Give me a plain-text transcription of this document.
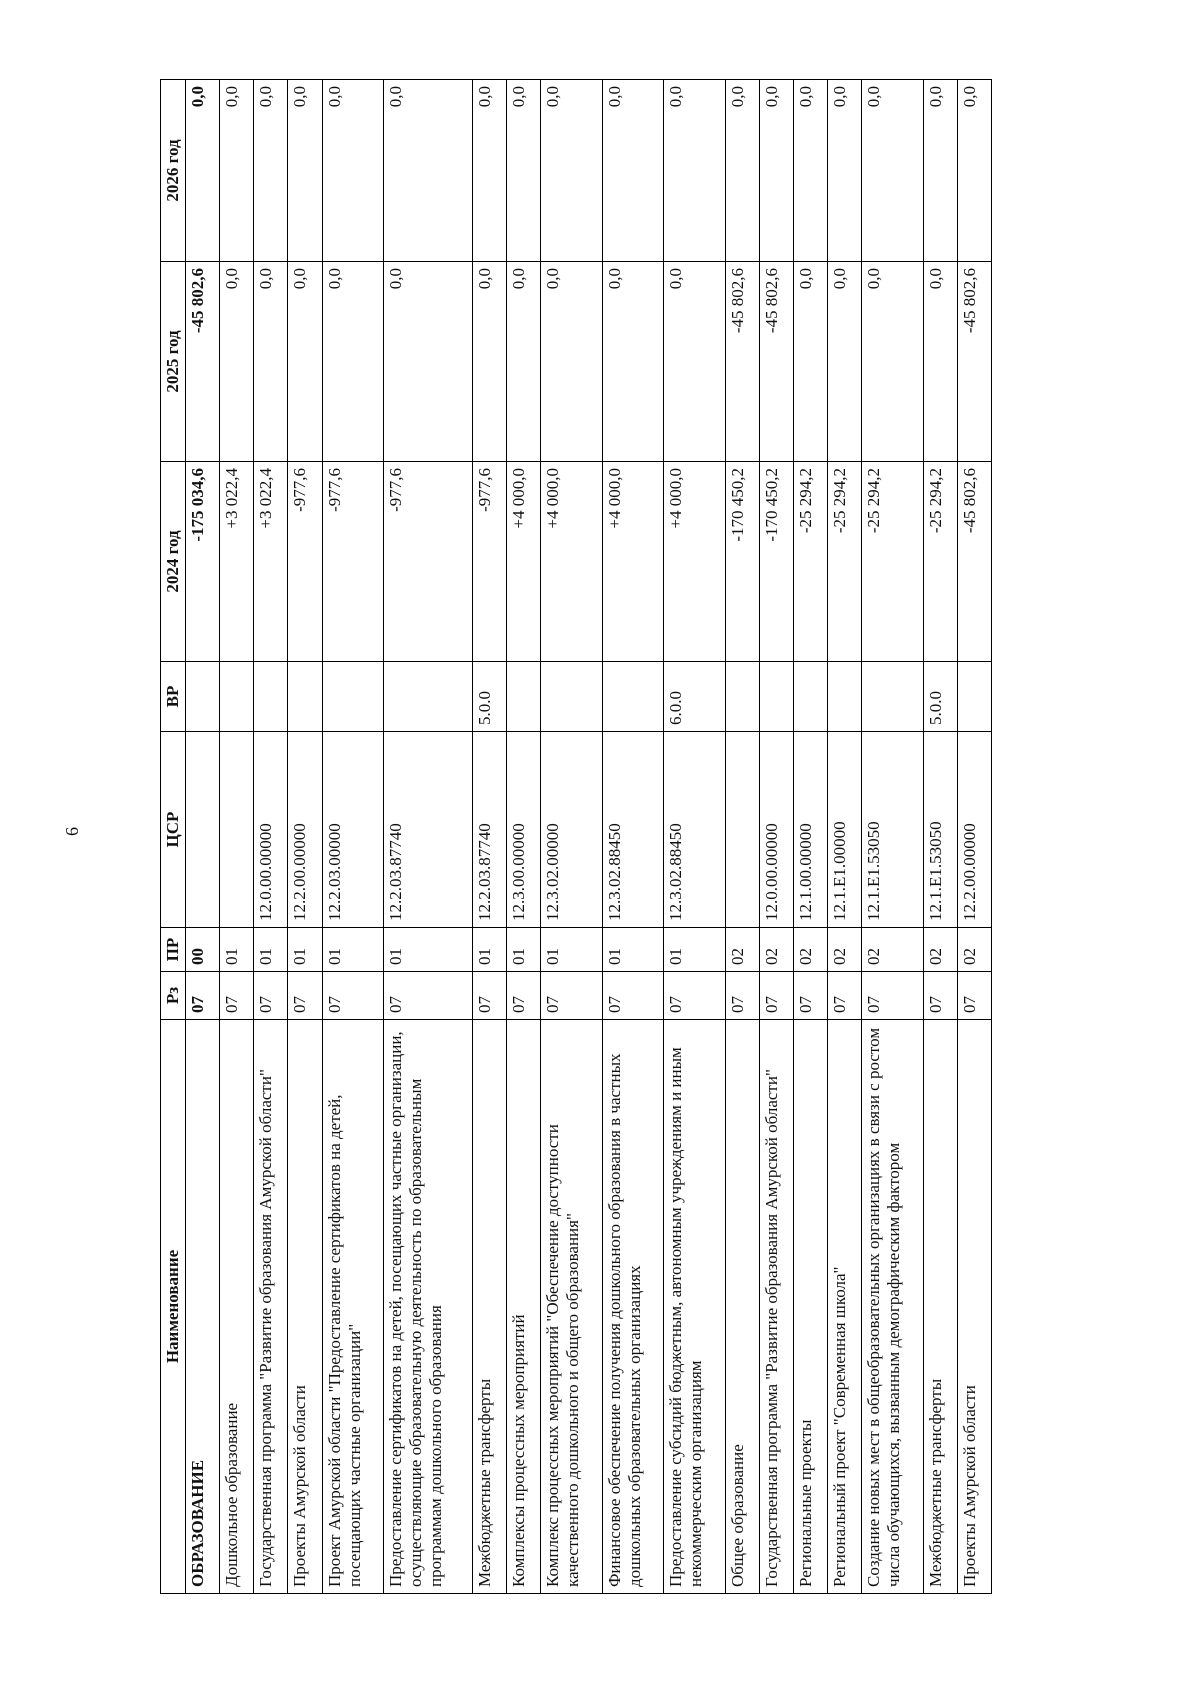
6
Наименование	Рз	ПР	ЦСР	ВР	2024 год	2025 год	2026 год
ОБРАЗОВАНИЕ	07	00			-175 034,6	-45 802,6	0,0
Дошкольное образование	07	01			+3 022,4	0,0	0,0
Государственная программа "Развитие образования Амурской области"	07	01	12.0.00.00000		+3 022,4	0,0	0,0
Проекты Амурской области	07	01	12.2.00.00000		-977,6	0,0	0,0
Проект Амурской области "Предоставление сертификатов на детей, посещающих частные организации"	07	01	12.2.03.00000		-977,6	0,0	0,0
Предоставление сертификатов на детей, посещающих частные организации, осуществляющие образовательную деятельность по образовательным программам дошкольного образования	07	01	12.2.03.87740		-977,6	0,0	0,0
Межбюджетные трансферты	07	01	12.2.03.87740	5.0.0	-977,6	0,0	0,0
Комплексы процессных мероприятий	07	01	12.3.00.00000		+4 000,0	0,0	0,0
Комплекс процессных мероприятий "Обеспечение доступности качественного дошкольного и общего образования"	07	01	12.3.02.00000		+4 000,0	0,0	0,0
Финансовое обеспечение получения дошкольного образования в частных дошкольных образовательных организациях	07	01	12.3.02.88450		+4 000,0	0,0	0,0
Предоставление субсидий бюджетным, автономным учреждениям и иным некоммерческим организациям	07	01	12.3.02.88450	6.0.0	+4 000,0	0,0	0,0
Общее образование	07	02			-170 450,2	-45 802,6	0,0
Государственная программа "Развитие образования Амурской области"	07	02	12.0.00.00000		-170 450,2	-45 802,6	0,0
Региональные проекты	07	02	12.1.00.00000		-25 294,2	0,0	0,0
Региональный проект "Современная школа"	07	02	12.1.E1.00000		-25 294,2	0,0	0,0
Создание новых мест в общеобразовательных организациях в связи с ростом числа обучающихся, вызванным демографическим фактором	07	02	12.1.E1.53050		-25 294,2	0,0	0,0
Межбюджетные трансферты	07	02	12.1.E1.53050	5.0.0	-25 294,2	0,0	0,0
Проекты Амурской области	07	02	12.2.00.00000		-45 802,6	-45 802,6	0,0
